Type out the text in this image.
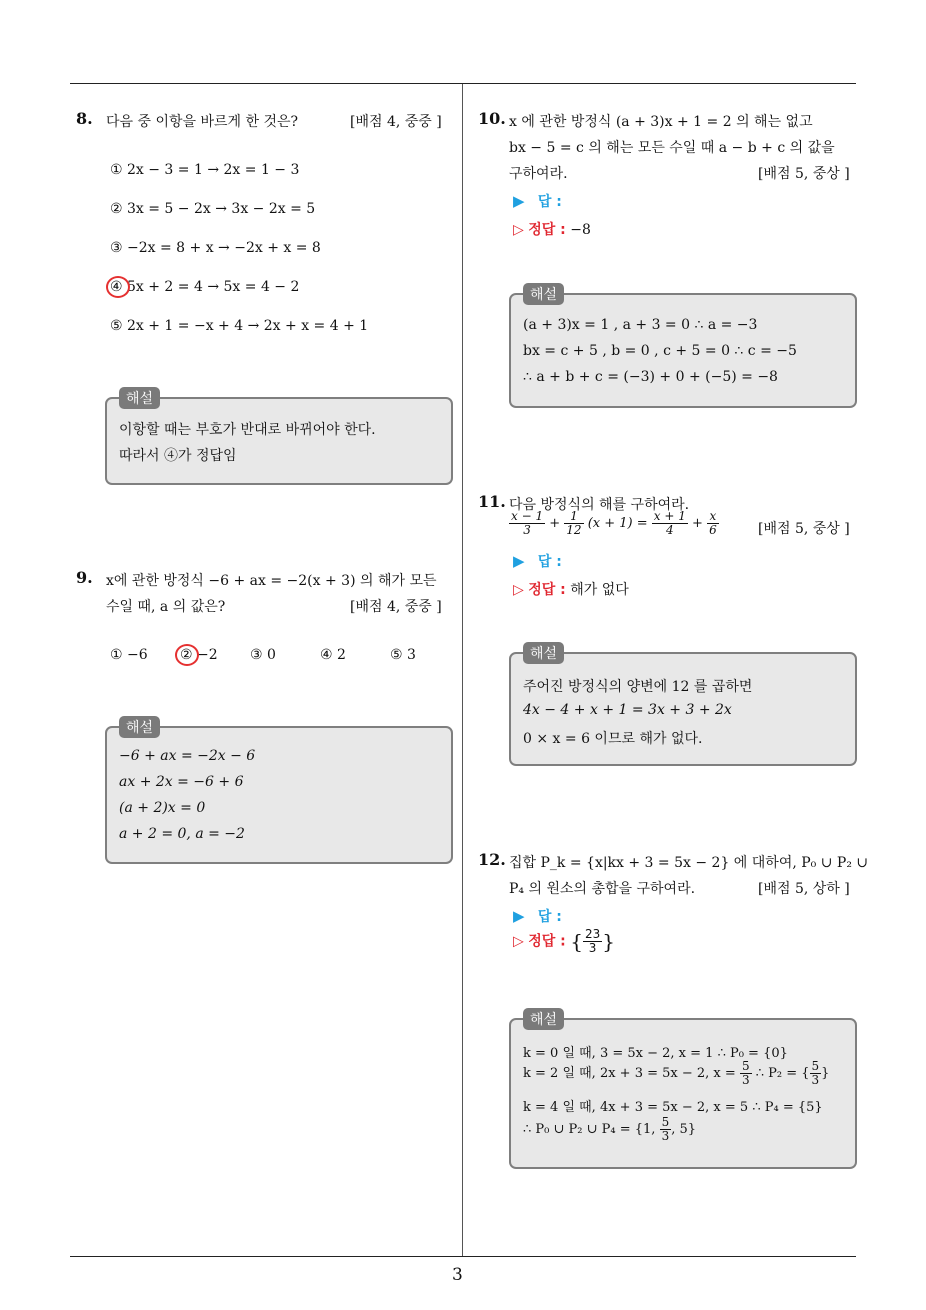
3
8. 다음 중 이항을 바르게 한 것은?	[배점 4, 중중 ]
① 2x − 3 = 1 → 2x = 1 − 3
② 3x = 5 − 2x → 3x − 2x = 5
③ −2x = 8 + x → −2x + x = 8
④ 5x + 2 = 4 → 5x = 4 − 2
⑤ 2x + 1 = −x + 4 → 2x + x = 4 + 1
해설
이항할 때는 부호가 반대로 바뀌어야 한다.
따라서 ④가 정답임
9. x에 관한 방정식 −6 + ax = −2(x + 3) 의 해가 모든
수일 때, a 의 값은?	[배점 4, 중중 ]
① −6 ② −2 ③ 0	④ 2	⑤ 3
해설
−6 + ax = −2x − 6
ax + 2x = −6 + 6
(a + 2)x = 0
a + 2 = 0, a = −2
10. x 에 관한 방정식 (a + 3)x + 1 = 2 의 해는 없고
bx − 5 = c 의 해는 모든 수일 때 a − b + c 의 값을
구하여라.	[배점 5, 중상 ]
▶ 답 :
▷ 정답 : −8
해설
(a + 3)x = 1 , a + 3 = 0 ∴ a = −3
bx = c + 5 , b = 0 , c + 5 = 0 ∴ c = −5
∴ a + b + c = (−3) + 0 + (−5) = −8
11. 다음 방정식의 해를 구하여라.
$\frac{x - 1}{3} + \frac{1}{12} (x + 1) = \frac{x + 1}{4} + \frac{x}{6}$	[배점 5, 중상 ]
▶ 답 :
▷ 정답 : 해가 없다
해설
주어진 방정식의 양변에 12 를 곱하면
4x − 4 + x + 1 = 3x + 3 + 2x
0 × x = 6 이므로 해가 없다.
12. 집합 P_k = {x|kx + 3 = 5x − 2} 에 대하여, P₀ ∪ P₂ ∪
P₄ 의 원소의 총합을 구하여라.	[배점 5, 상하 ]
▶ 답 :
▷ 정답 : { $\frac{23}{3}$ }
해설
k = 0 일 때, 3 = 5x − 2, x = 1 ∴ P₀ = {0}
k = 2 일 때, 2x + 3 = 5x − 2, $x = \frac{5}{3}$ ∴ P₂ = { $\frac{5}{3}$ }
k = 4 일 때, 4x + 3 = 5x − 2, x = 5 ∴ P₄ = {5}
∴ P₀ ∪ P₂ ∪ P₄ = {1, $\frac{5}{3}$ , 5}
